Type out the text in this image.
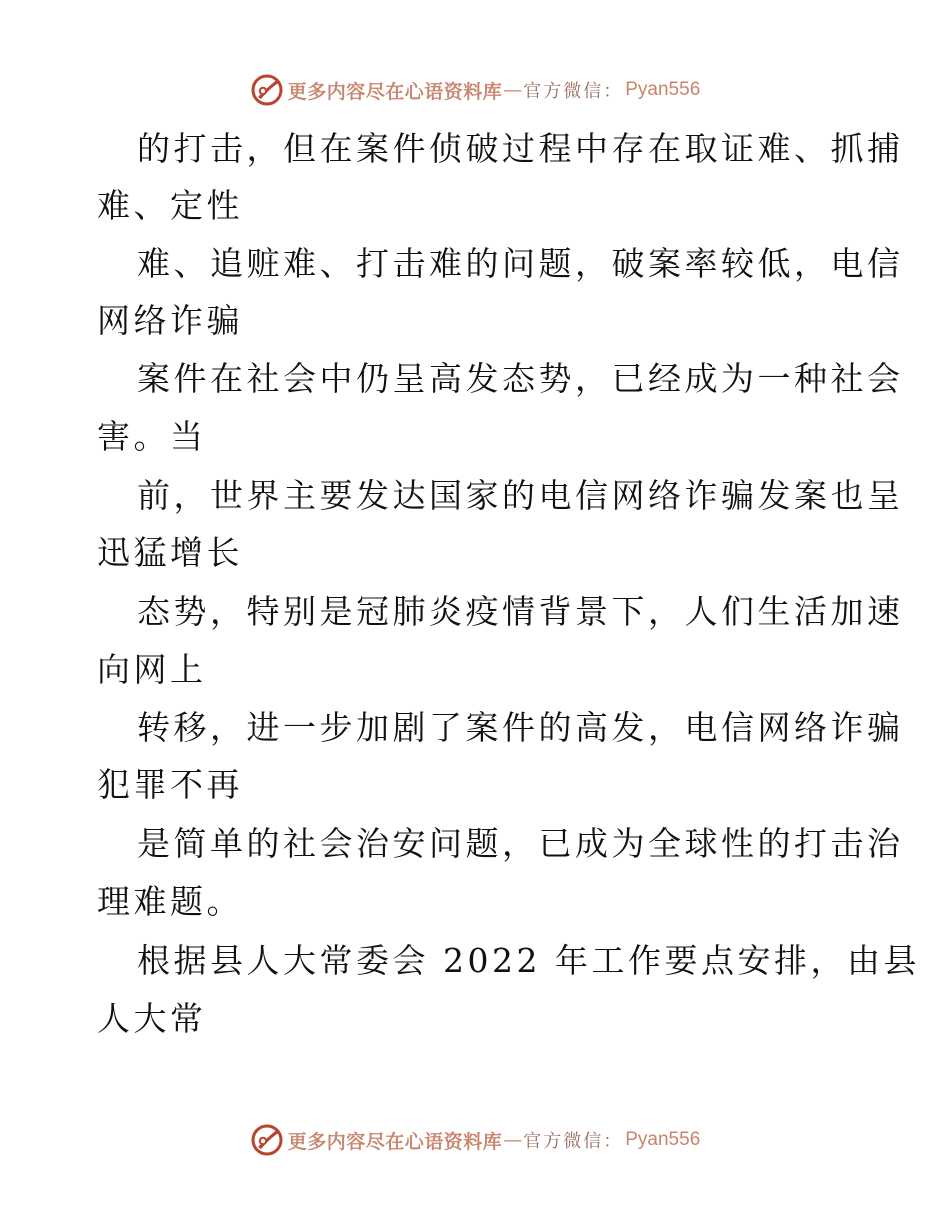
更多内容尽在心语资料库 — 官方微信： Pyan556

的打击，但在案件侦破过程中存在取证难、抓捕

难、定性

难、追赃难、打击难的问题，破案率较低，电信

网络诈骗

案件在社会中仍呈高发态势，已经成为一种社会

害。当

前，世界主要发达国家的电信网络诈骗发案也呈

迅猛增长

态势，特别是冠肺炎疫情背景下，人们生活加速

向网上

转移，进一步加剧了案件的高发，电信网络诈骗

犯罪不再

是简单的社会治安问题，已成为全球性的打击治

理难题。

根据县人大常委会 2022 年工作要点安排，由县

人大常

更多内容尽在心语资料库 — 官方微信： Pyan556
